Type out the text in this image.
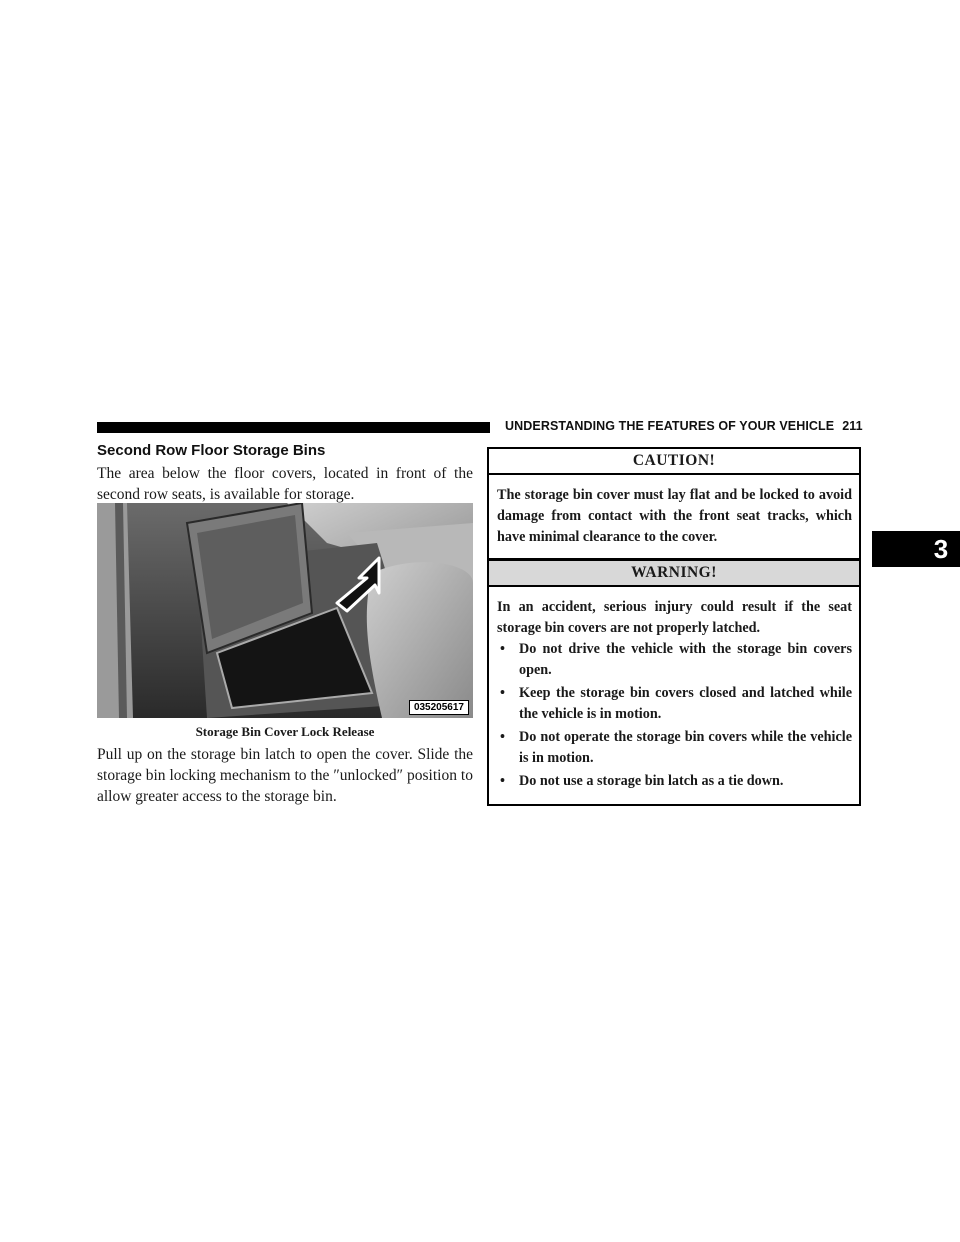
UNDERSTANDING THE FEATURES OF YOUR VEHICLE 211
3
Second Row Floor Storage Bins

The area below the floor covers, located in front of the second row seats, is available for storage.

035205617
Storage Bin Cover Lock Release

Pull up on the storage bin latch to open the cover. Slide the storage bin locking mechanism to the ″unlocked″ position to allow greater access to the storage bin.

CAUTION!
The storage bin cover must lay flat and be locked to avoid damage from contact with the front seat tracks, which have minimal clearance to the cover.
WARNING!
In an accident, serious injury could result if the seat storage bin covers are not properly latched.
• Do not drive the vehicle with the storage bin covers open.
• Keep the storage bin covers closed and latched while the vehicle is in motion.
• Do not operate the storage bin covers while the vehicle is in motion.
• Do not use a storage bin latch as a tie down.
